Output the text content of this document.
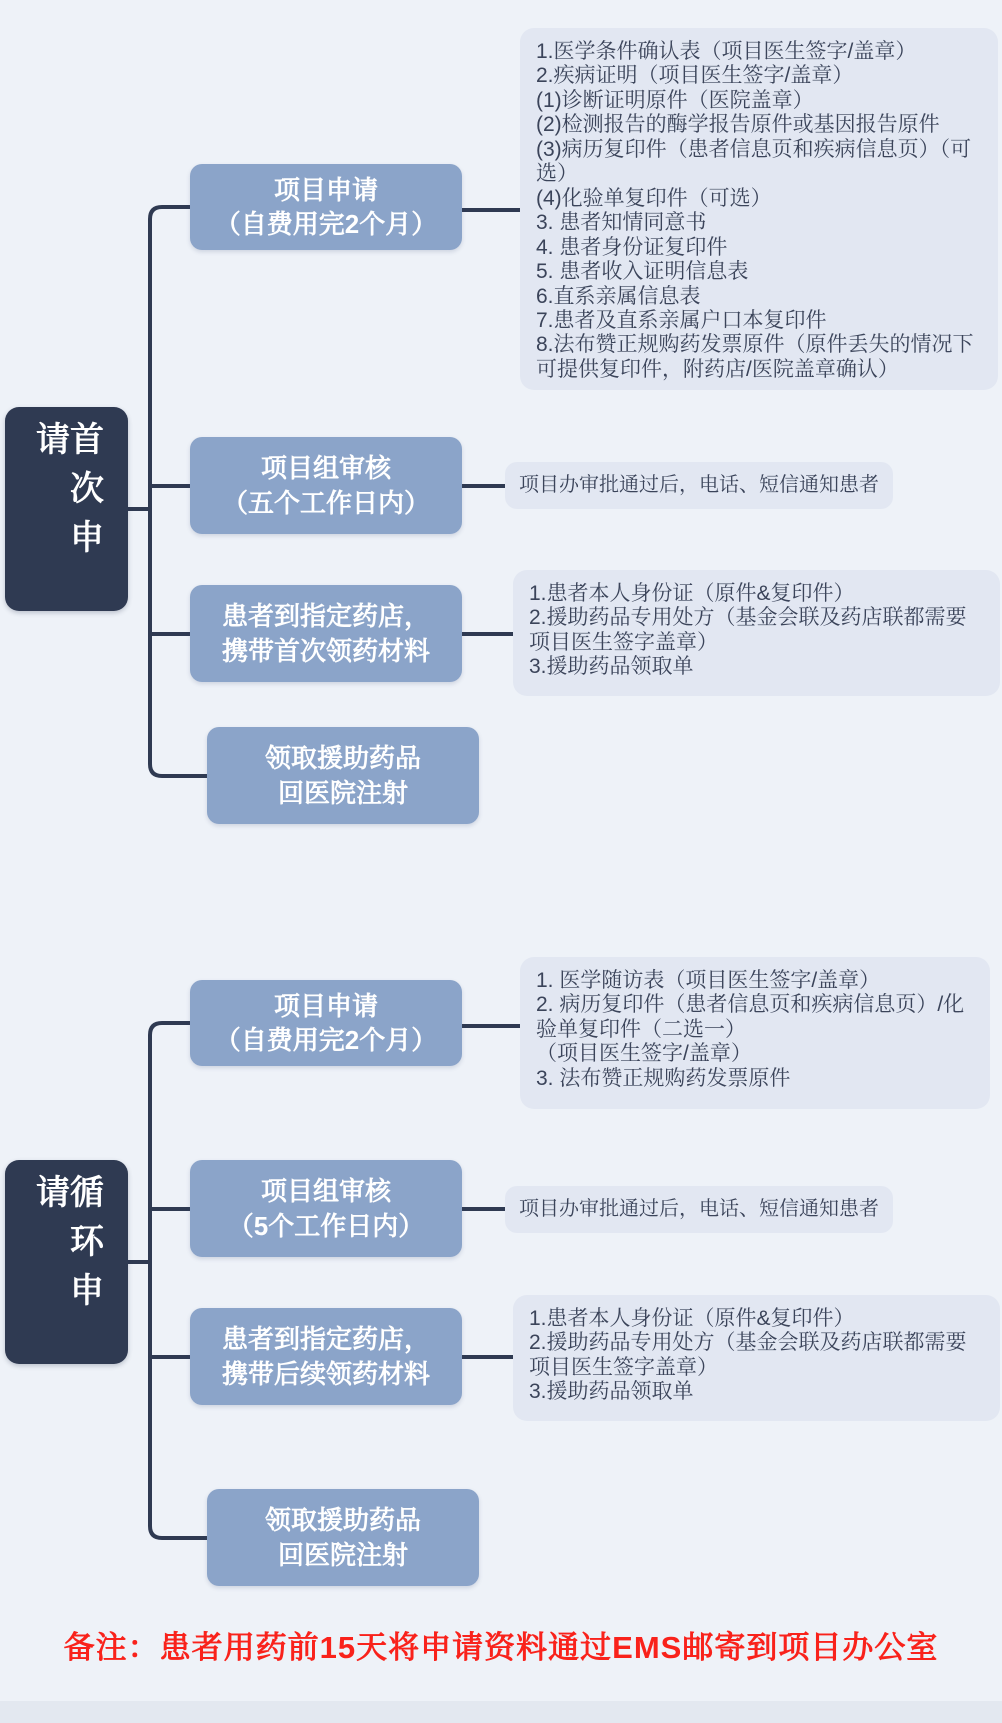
首次申请
项目申请
（自费用完2个月）
1.医学条件确认表（项目医生签字/盖章）
2.疾病证明（项目医生签字/盖章）
(1)诊断证明原件（医院盖章）
(2)检测报告的酶学报告原件或基因报告原件
(3)病历复印件（患者信息页和疾病信息页）（可选）
(4)化验单复印件（可选）
3. 患者知情同意书
4. 患者身份证复印件
5. 患者收入证明信息表
6.直系亲属信息表
7.患者及直系亲属户口本复印件
8.法布赞正规购药发票原件（原件丢失的情况下可提供复印件，附药店/医院盖章确认）
项目组审核
（五个工作日内）
项目办审批通过后，电话、短信通知患者
患者到指定药店，
携带首次领药材料
1.患者本人身份证（原件&复印件）
2.援助药品专用处方（基金会联及药店联都需要项目医生签字盖章）
3.援助药品领取单
领取援助药品
回医院注射
循环申请
项目申请
（自费用完2个月）
1. 医学随访表（项目医生签字/盖章）
2. 病历复印件（患者信息页和疾病信息页）/化验单复印件（二选一）
（项目医生签字/盖章）
3. 法布赞正规购药发票原件
项目组审核
（5个工作日内）
项目办审批通过后，电话、短信通知患者
患者到指定药店，
携带后续领药材料
1.患者本人身份证（原件&复印件）
2.援助药品专用处方（基金会联及药店联都需要项目医生签字盖章）
3.援助药品领取单
领取援助药品
回医院注射
备注：患者用药前15天将申请资料通过EMS邮寄到项目办公室
